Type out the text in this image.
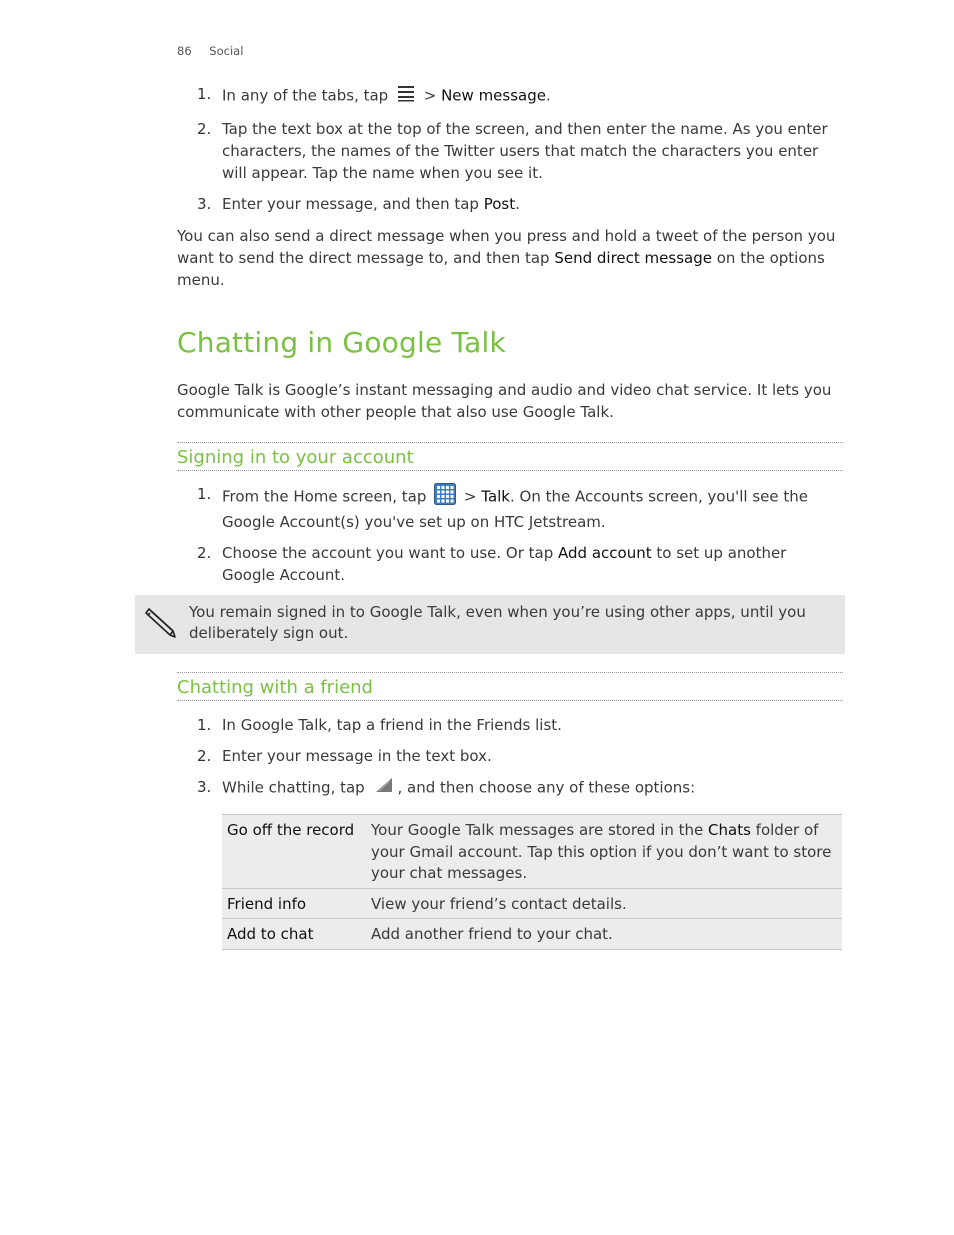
86 Social
1. In any of the tabs, tap  > New message.
2. Tap the text box at the top of the screen, and then enter the name. As you enter characters, the names of the Twitter users that match the characters you enter will appear. Tap the name when you see it.
3. Enter your message, and then tap Post.

You can also send a direct message when you press and hold a tweet of the person you want to send the direct message to, and then tap Send direct message on the options menu.

Chatting in Google Talk

Google Talk is Google’s instant messaging and audio and video chat service. It lets you communicate with other people that also use Google Talk.

Signing in to your account
1. From the Home screen, tap  > Talk. On the Accounts screen, you'll see the Google Account(s) you've set up on HTC Jetstream.
2. Choose the account you want to use. Or tap Add account to set up another Google Account.
Chatting with a friend
1. In Google Talk, tap a friend in the Friends list.
2. Enter your message in the text box.
3. While chatting, tap , and then choose any of these options:
You remain signed in to Google Talk, even when you’re using other apps, until you deliberately sign out.
Go off the record	Your Google Talk messages are stored in the Chats folder of your Gmail account. Tap this option if you don’t want to store your chat messages.
Friend info	View your friend’s contact details.
Add to chat	Add another friend to your chat.
